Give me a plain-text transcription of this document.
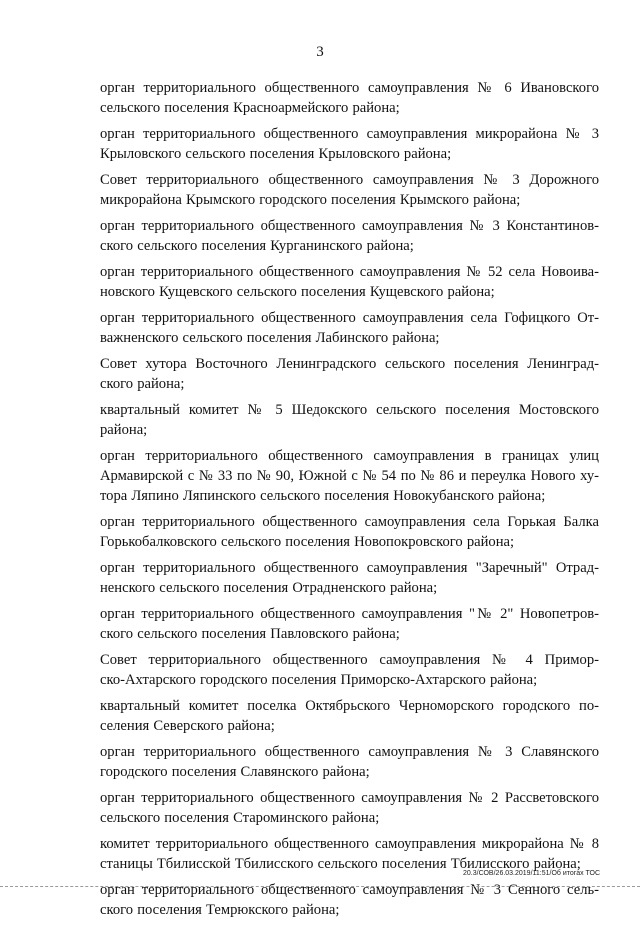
3

орган территориального общественного самоуправления № 6 Ивановского
сельского поселения Красноармейского района;

орган территориального общественного самоуправления микрорайона № 3
Крыловского сельского поселения Крыловского района;

Совет территориального общественного самоуправления № 3 Дорожного
микрорайона Крымского городского поселения Крымского района;

орган территориального общественного самоуправления № 3 Константинов-
ского сельского поселения Курганинского района;

орган территориального общественного самоуправления № 52 села Новоива-
новского Кущевского сельского поселения Кущевского района;

орган территориального общественного самоуправления села Гофицкого От-
важненского сельского поселения Лабинского района;

Совет хутора Восточного Ленинградского сельского поселения Ленинград-
ского района;

квартальный комитет № 5 Шедокского сельского поселения Мостовского
района;

орган территориального общественного самоуправления в границах улиц
Армавирской с № 33 по № 90, Южной с № 54 по № 86 и переулка Нового ху-
тора Ляпино Ляпинского сельского поселения Новокубанского района;

орган территориального общественного самоуправления села Горькая Балка
Горькобалковского сельского поселения Новопокровского района;

орган территориального общественного самоуправления "Заречный" Отрад-
ненского сельского поселения Отрадненского района;

орган территориального общественного самоуправления "№ 2" Новопетров-
ского сельского поселения Павловского района;

Совет территориального общественного самоуправления № 4 Примор-
ско-Ахтарского городского поселения Приморско-Ахтарского района;

квартальный комитет поселка Октябрьского Черноморского городского по-
селения Северского района;

орган территориального общественного самоуправления № 3 Славянского
городского поселения Славянского района;

орган территориального общественного самоуправления № 2 Рассветовского
сельского поселения Староминского района;

комитет территориального общественного самоуправления микрорайона № 8
станицы Тбилисской Тбилисского сельского поселения Тбилисского района;

орган территориального общественного самоуправления № 3 Сенного сель-
ского поселения Темрюкского района;

20.3/СОВ/26.03.2019/11:51/Об итогах ТОС
